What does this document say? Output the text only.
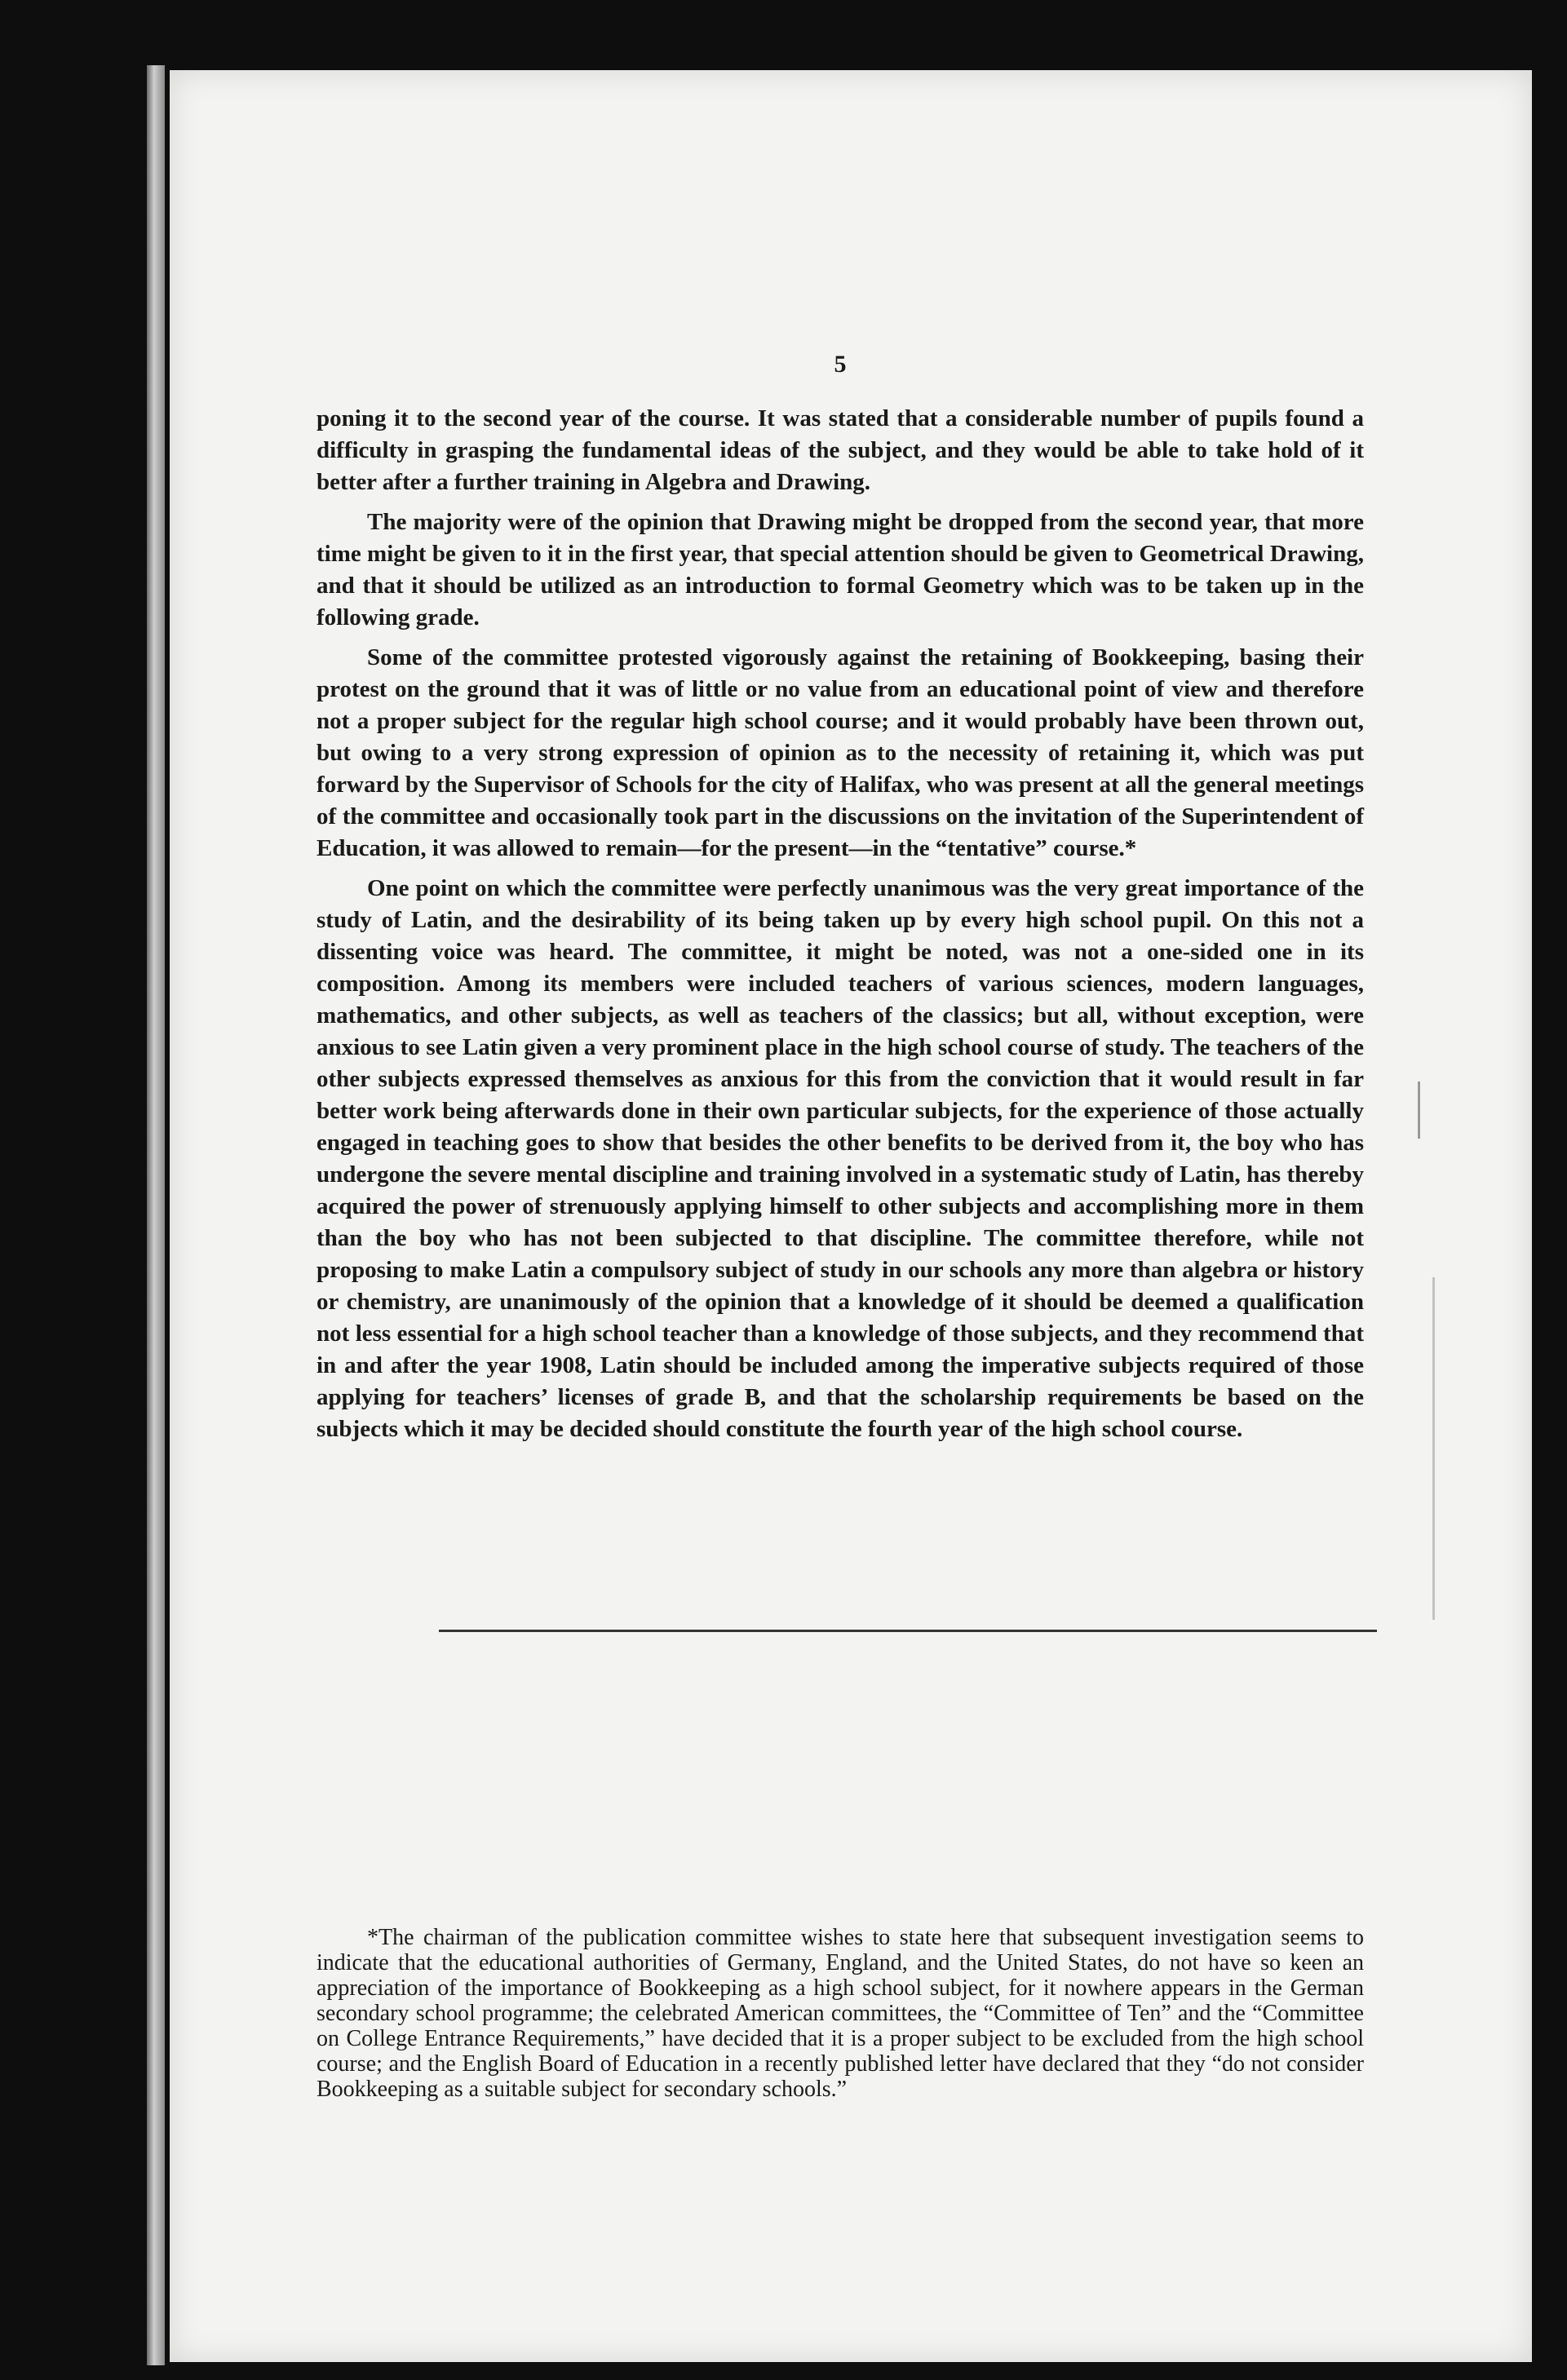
5

poning it to the second year of the course. It was stated that a considerable number of pupils found a difficulty in grasping the fundamental ideas of the subject, and they would be able to take hold of it better after a further training in Algebra and Drawing.

The majority were of the opinion that Drawing might be dropped from the second year, that more time might be given to it in the first year, that special attention should be given to Geometrical Drawing, and that it should be utilized as an introduction to formal Geometry which was to be taken up in the following grade.

Some of the committee protested vigorously against the retaining of Bookkeeping, basing their protest on the ground that it was of little or no value from an educational point of view and therefore not a proper subject for the regular high school course; and it would probably have been thrown out, but owing to a very strong expression of opinion as to the necessity of retaining it, which was put forward by the Supervisor of Schools for the city of Halifax, who was present at all the general meetings of the committee and occasionally took part in the discussions on the invitation of the Superintendent of Education, it was allowed to remain—for the present—in the “tentative” course.*

One point on which the committee were perfectly unanimous was the very great importance of the study of Latin, and the desirability of its being taken up by every high school pupil. On this not a dissenting voice was heard. The committee, it might be noted, was not a one-sided one in its composition. Among its members were included teachers of various sciences, modern languages, mathematics, and other subjects, as well as teachers of the classics; but all, without exception, were anxious to see Latin given a very prominent place in the high school course of study. The teachers of the other subjects expressed themselves as anxious for this from the conviction that it would result in far better work being afterwards done in their own particular subjects, for the experience of those actually engaged in teaching goes to show that besides the other benefits to be derived from it, the boy who has undergone the severe mental discipline and training involved in a systematic study of Latin, has thereby acquired the power of strenuously applying himself to other subjects and accomplishing more in them than the boy who has not been subjected to that discipline. The committee therefore, while not proposing to make Latin a compulsory subject of study in our schools any more than algebra or history or chemistry, are unanimously of the opinion that a knowledge of it should be deemed a qualification not less essential for a high school teacher than a knowledge of those subjects, and they recommend that in and after the year 1908, Latin should be included among the imperative subjects required of those applying for teachers’ licenses of grade B, and that the scholarship requirements be based on the subjects which it may be decided should constitute the fourth year of the high school course.

*The chairman of the publication committee wishes to state here that subsequent investigation seems to indicate that the educational authorities of Germany, England, and the United States, do not have so keen an appreciation of the importance of Bookkeeping as a high school subject, for it nowhere appears in the German secondary school programme; the celebrated American committees, the “Committee of Ten” and the “Committee on College Entrance Requirements,” have decided that it is a proper subject to be excluded from the high school course; and the English Board of Education in a recently published letter have declared that they “do not consider Bookkeeping as a suitable subject for secondary schools.”
